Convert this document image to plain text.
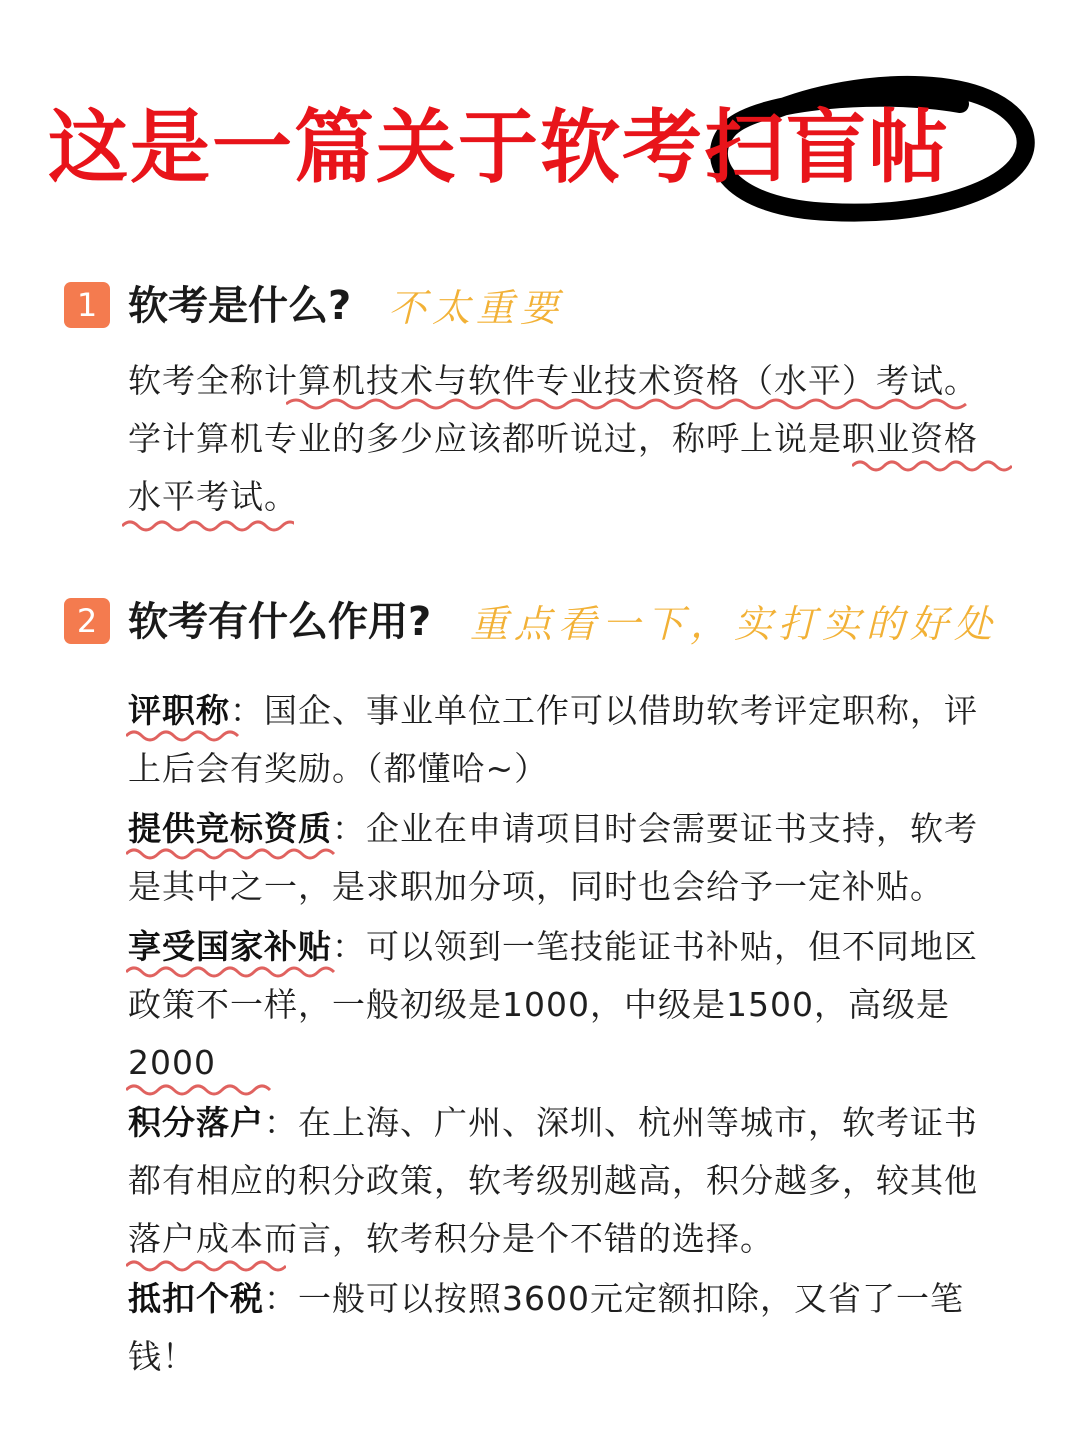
这是一篇关于软考扫盲帖
1 软考是什么? 不太重要

软考全称计算机技术与软件专业技术资格（水平）考试。学计算机专业的多少应该都听说过，称呼上说是职业资格水平考试。

2 软考有什么作用? 重点看一下，实打实的好处

评职称：国企、事业单位工作可以借助软考评定职称，评上后会有奖励。（都懂哈~）

提供竞标资质：企业在申请项目时会需要证书支持，软考是其中之一，是求职加分项，同时也会给予一定补贴。

享受国家补贴：可以领到一笔技能证书补贴，但不同地区政策不一样，一般初级是1000，中级是1500，高级是2000

积分落户：在上海、广州、深圳、杭州等城市，软考证书都有相应的积分政策，软考级别越高，积分越多，较其他落户成本而言，软考积分是个不错的选择。

抵扣个税：一般可以按照3600元定额扣除，又省了一笔钱！
